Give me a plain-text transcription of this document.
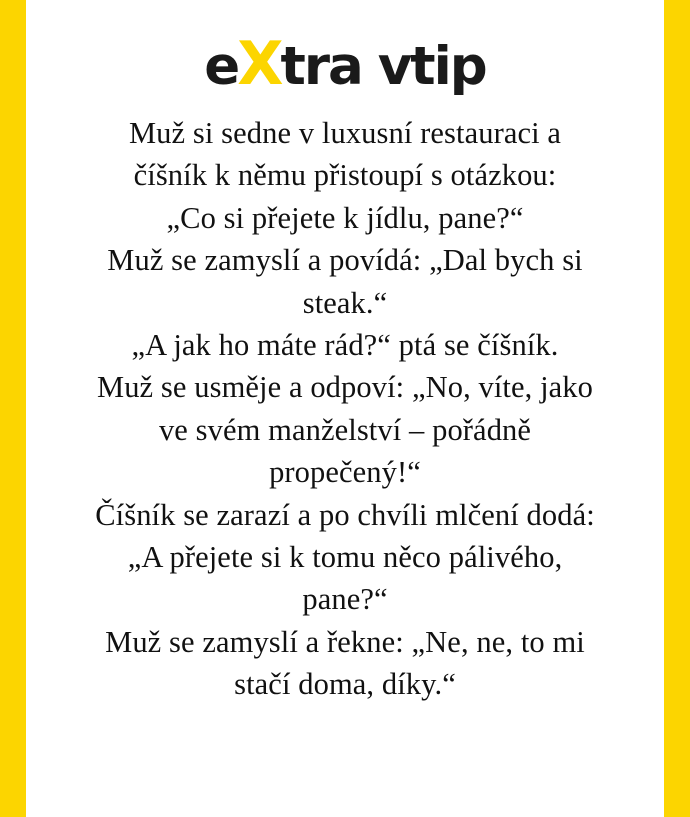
e X tra vtip
Muž si sedne v luxusní restauraci a
číšník k němu přistoupí s otázkou:
„Co si přejete k jídlu, pane?“
Muž se zamyslí a povídá: „Dal bych si
steak.“
„A jak ho máte rád?“ ptá se číšník.
Muž se usměje a odpoví: „No, víte, jako
ve svém manželství – pořádně
propečený!“
Číšník se zarazí a po chvíli mlčení dodá:
„A přejete si k tomu něco pálivého,
pane?“
Muž se zamyslí a řekne: „Ne, ne, to mi
stačí doma, díky.“
